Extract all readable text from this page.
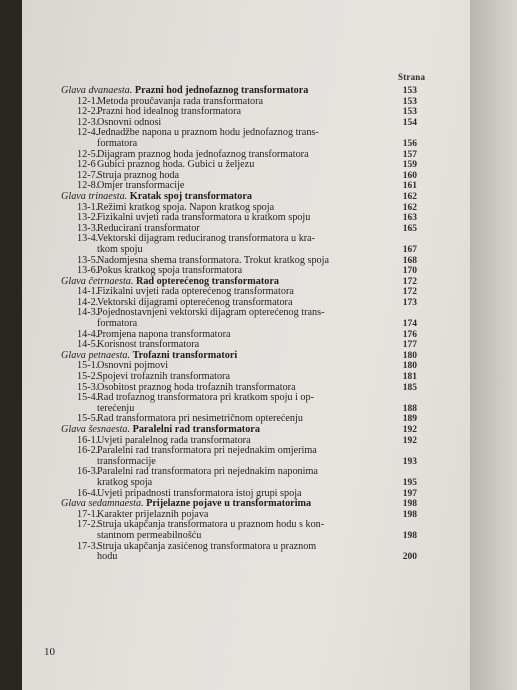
Strana
Glava dvanaesta. Prazni hod jednofaznog transformatora	153
12-1.Metoda proučavanja rada transformatora	153
12-2.Prazni hod idealnog transformatora	153
12-3.Osnovni odnosi	154
12-4.Jednadžbe napona u praznom hodu jednofaznog trans-
formatora	156
12-5.Dijagram praznog hoda jednofaznog transformatora	157
12-6Gubici praznog hoda. Gubici u željezu	159
12-7.Struja praznog hoda	160
12-8.Omjer transformacije	161
Glava trinaesta. Kratak spoj transformatora	162
13-1.Režimi kratkog spoja. Napon kratkog spoja	162
13-2.Fizikalni uvjeti rada transformatora u kratkom spoju	163
13-3.Reducirani transformator	165
13-4.Vektorski dijagram reduciranog transformatora u kra-
tkom spoju	167
13-5.Nadomjesna shema transformatora. Trokut kratkog spoja	168
13-6.Pokus kratkog spoja transformatora	170
Glava četrnaesta. Rad opterećenog transformatora	172
14-1.Fizikalni uvjeti rada opterećenog transformatora	172
14-2.Vektorski dijagrami opterećenog transformatora	173
14-3.Pojednostavnjeni vektorski dijagram opterećenog trans-
formatora	174
14-4.Promjena napona transformatora	176
14-5.Korisnost transformatora	177
Glava petnaesta. Trofazni transformatori	180
15-1.Osnovni pojmovi	180
15-2.Spojevi trofaznih transformatora	181
15-3.Osobitost praznog hoda trofaznih transformatora	185
15-4.Rad trofaznog transformatora pri kratkom spoju i op-
terećenju	188
15-5.Rad transformatora pri nesimetričnom opterećenju	189
Glava šesnaesta. Paralelni rad transformatora	192
16-1.Uvjeti paralelnog rada transformatora	192
16-2.Paralelni rad transformatora pri nejednakim omjerima
transformacije	193
16-3.Paralelni rad transformatora pri nejednakim naponima
kratkog spoja	195
16-4.Uvjeti pripadnosti transformatora istoj grupi spoja	197
Glava sedamnaesta. Prijelazne pojave u transformatorima	198
17-1.Karakter prijelaznih pojava	198
17-2.Struja ukapčanja transformatora u praznom hodu s kon-
stantnom permeabilnošću	198
17-3.Struja ukapčanja zasićenog transformatora u praznom
hodu	200
10
